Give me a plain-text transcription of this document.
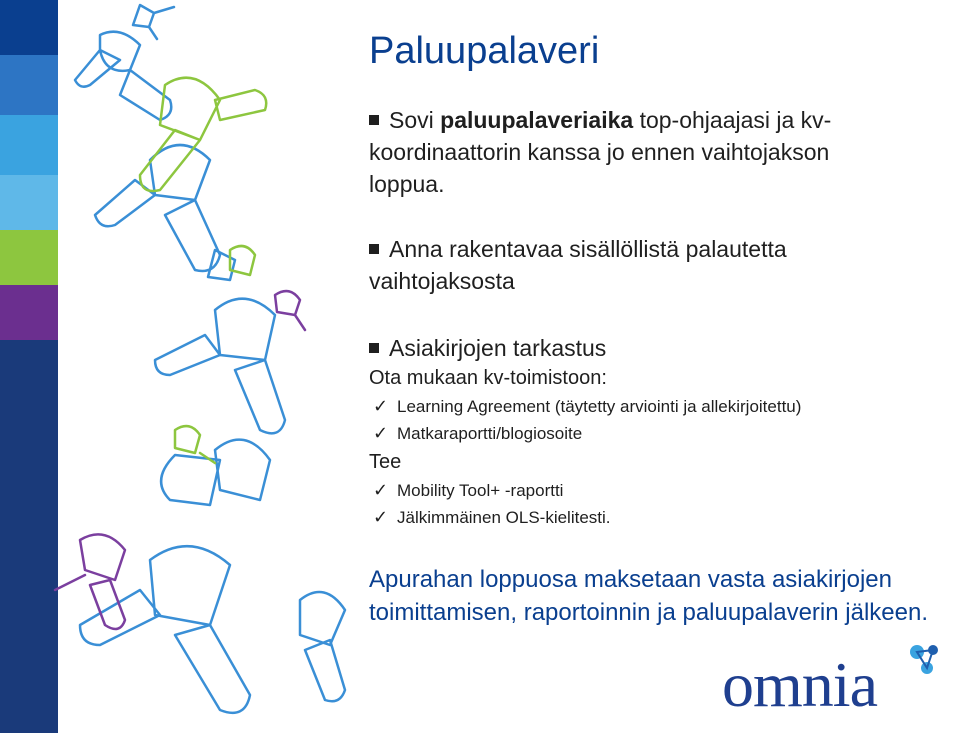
Paluupalaveri
Sovi paluupalaveriaika top-ohjaajasi ja kv-koordinaattorin kanssa jo ennen vaihtojakson loppua.
Anna rakentavaa sisällöllistä palautetta vaihtojaksosta
Asiakirjojen tarkastus
Ota mukaan kv-toimistoon:
✓ Learning Agreement (täytetty arviointi ja allekirjoitettu)
✓ Matkaraportti/blogiosoite
Tee
✓ Mobility Tool+ -raportti
✓ Jälkimmäinen OLS-kielitesti.
Apurahan loppuosa maksetaan vasta asiakirjojen toimittamisen, raportoinnin ja paluupalaverin jälkeen.
omnia
